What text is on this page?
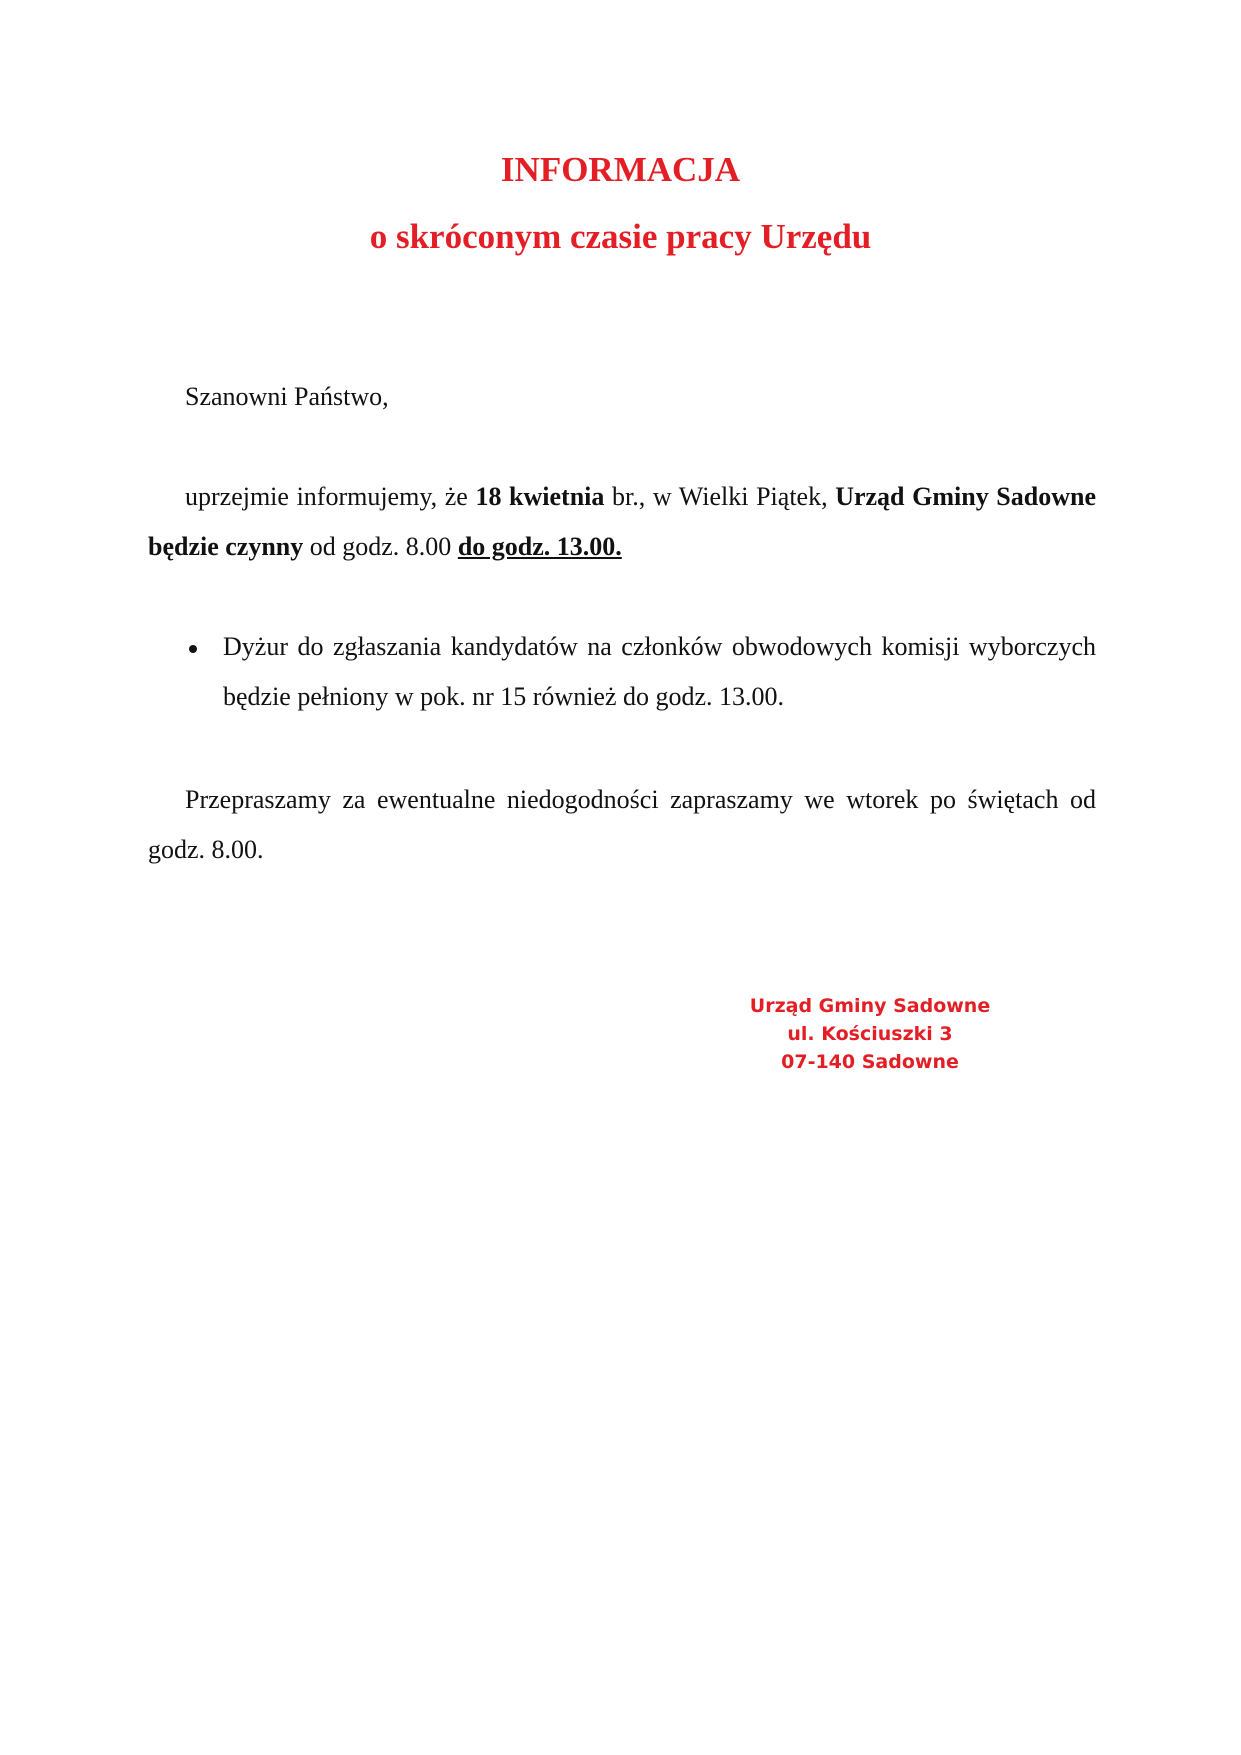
INFORMACJA
o skróconym czasie pracy Urzędu

Szanowni Państwo,

uprzejmie informujemy, że 18 kwietnia br., w Wielki Piątek, Urząd Gminy Sadowne będzie czynny od godz. 8.00 do godz. 13.00.

Dyżur do zgłaszania kandydatów na członków obwodowych komisji wyborczych będzie pełniony w pok. nr 15 również do godz. 13.00.

Przepraszamy za ewentualne niedogodności zapraszamy we wtorek po świętach od godz. 8.00.

Urząd Gminy Sadowne
ul. Kościuszki 3
07-140 Sadowne
